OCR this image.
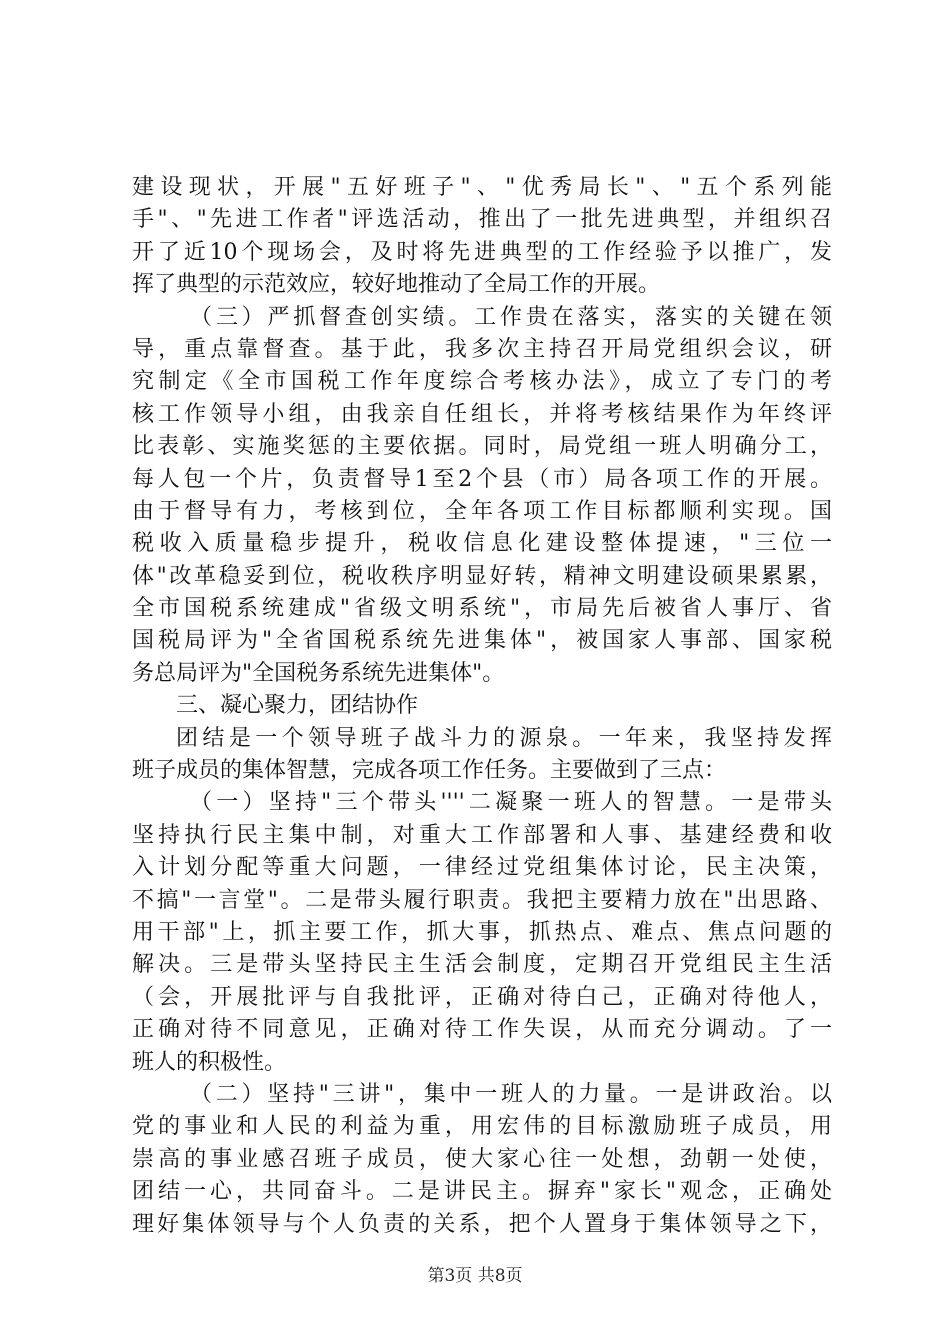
建设现状，开展"五好班子"、"优秀局长"、"五个系列能
手"、"先进工作者"评选活动，推出了一批先进典型，并组织召
开了近10个现场会，及时将先进典型的工作经验予以推广，发
挥了典型的示范效应，较好地推动了全局工作的开展。
（三）严抓督查创实绩。工作贵在落实，落实的关键在领
导，重点靠督查。基于此，我多次主持召开局党组织会议，研
究制定《全市国税工作年度综合考核办法》，成立了专门的考
核工作领导小组，由我亲自任组长，并将考核结果作为年终评
比表彰、实施奖惩的主要依据。同时，局党组一班人明确分工，
每人包一个片，负责督导1至2个县（市）局各项工作的开展。
由于督导有力，考核到位，全年各项工作目标都顺利实现。国
税收入质量稳步提升，税收信息化建设整体提速，"三位一
体"改革稳妥到位，税收秩序明显好转，精神文明建设硕果累累，
全市国税系统建成"省级文明系统"，市局先后被省人事厅、省
国税局评为"全省国税系统先进集体"，被国家人事部、国家税
务总局评为"全国税务系统先进集体"。
三、凝心聚力，团结协作
团结是一个领导班子战斗力的源泉。一年来，我坚持发挥
班子成员的集体智慧，完成各项工作任务。主要做到了三点：
（一）坚持"三个带头''''二凝聚一班人的智慧。一是带头
坚持执行民主集中制，对重大工作部署和人事、基建经费和收
入计划分配等重大问题，一律经过党组集体讨论，民主决策，
不搞"一言堂"。二是带头履行职责。我把主要精力放在"出思路、
用干部"上，抓主要工作，抓大事，抓热点、难点、焦点问题的
解决。三是带头坚持民主生活会制度，定期召开党组民主生活
（会，开展批评与自我批评，正确对待白己，正确对待他人，
正确对待不同意见，正确对待工作失误，从而充分调动。了一
班人的积极性。
（二）坚持"三讲"，集中一班人的力量。一是讲政治。以
党的事业和人民的利益为重，用宏伟的目标激励班子成员，用
崇高的事业感召班子成员，使大家心往一处想，劲朝一处使，
团结一心，共同奋斗。二是讲民主。摒弃"家长"观念，正确处
理好集体领导与个人负责的关系，把个人置身于集体领导之下，
第3页 共8页
